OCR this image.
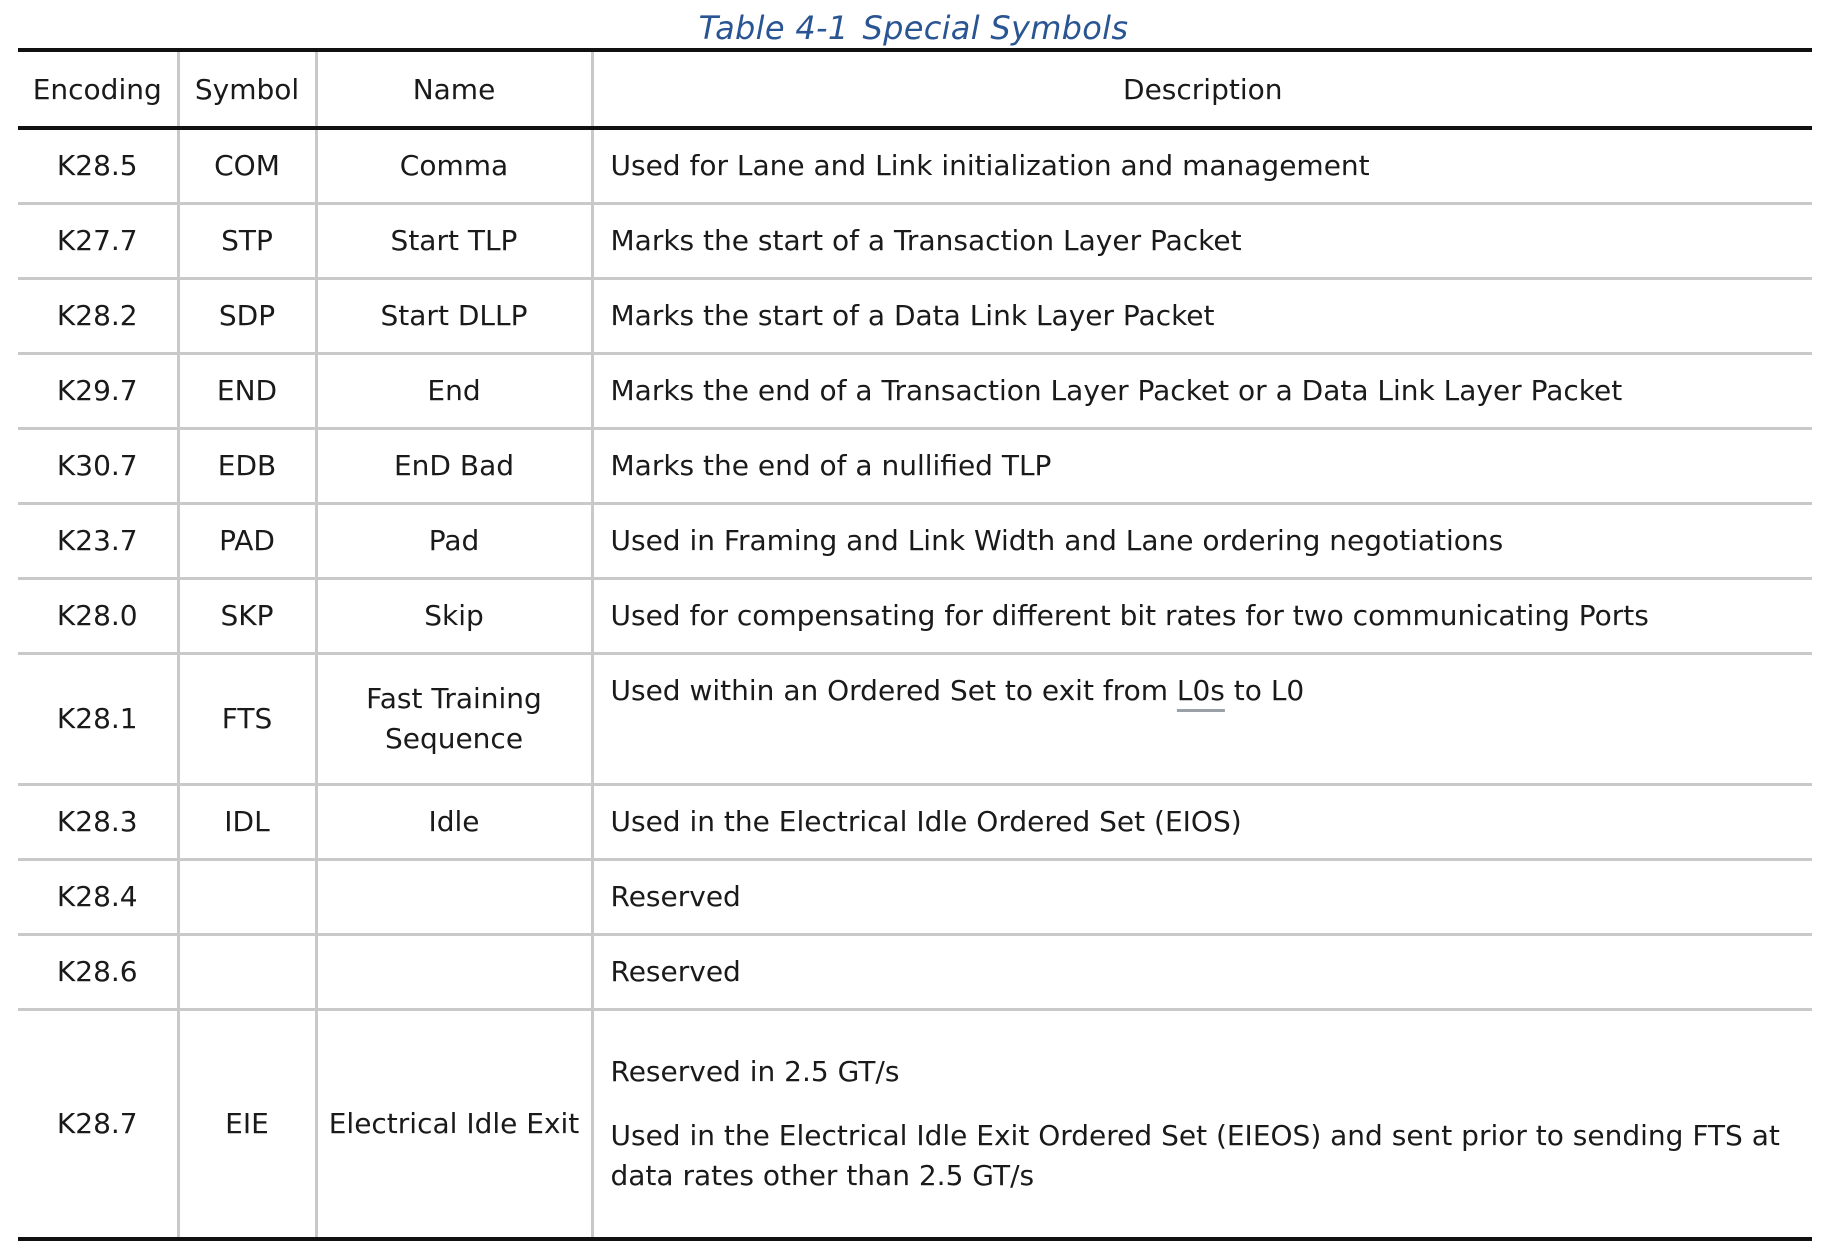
Table 4-1 Special Symbols
Encoding	Symbol	Name	Description
K28.5	COM	Comma	Used for Lane and Link initialization and management
K27.7	STP	Start TLP	Marks the start of a Transaction Layer Packet
K28.2	SDP	Start DLLP	Marks the start of a Data Link Layer Packet
K29.7	END	End	Marks the end of a Transaction Layer Packet or a Data Link Layer Packet
K30.7	EDB	EnD Bad	Marks the end of a nullified TLP
K23.7	PAD	Pad	Used in Framing and Link Width and Lane ordering negotiations
K28.0	SKP	Skip	Used for compensating for different bit rates for two communicating Ports
K28.1	FTS	Fast Training Sequence	Used within an Ordered Set to exit from L0s to L0
K28.3	IDL	Idle	Used in the Electrical Idle Ordered Set (EIOS)
K28.4			Reserved
K28.6			Reserved
K28.7	EIE	Electrical Idle Exit	Reserved in 2.5 GT/s
Used in the Electrical Idle Exit Ordered Set (EIEOS) and sent prior to sending FTS at data rates other than 2.5 GT/s
